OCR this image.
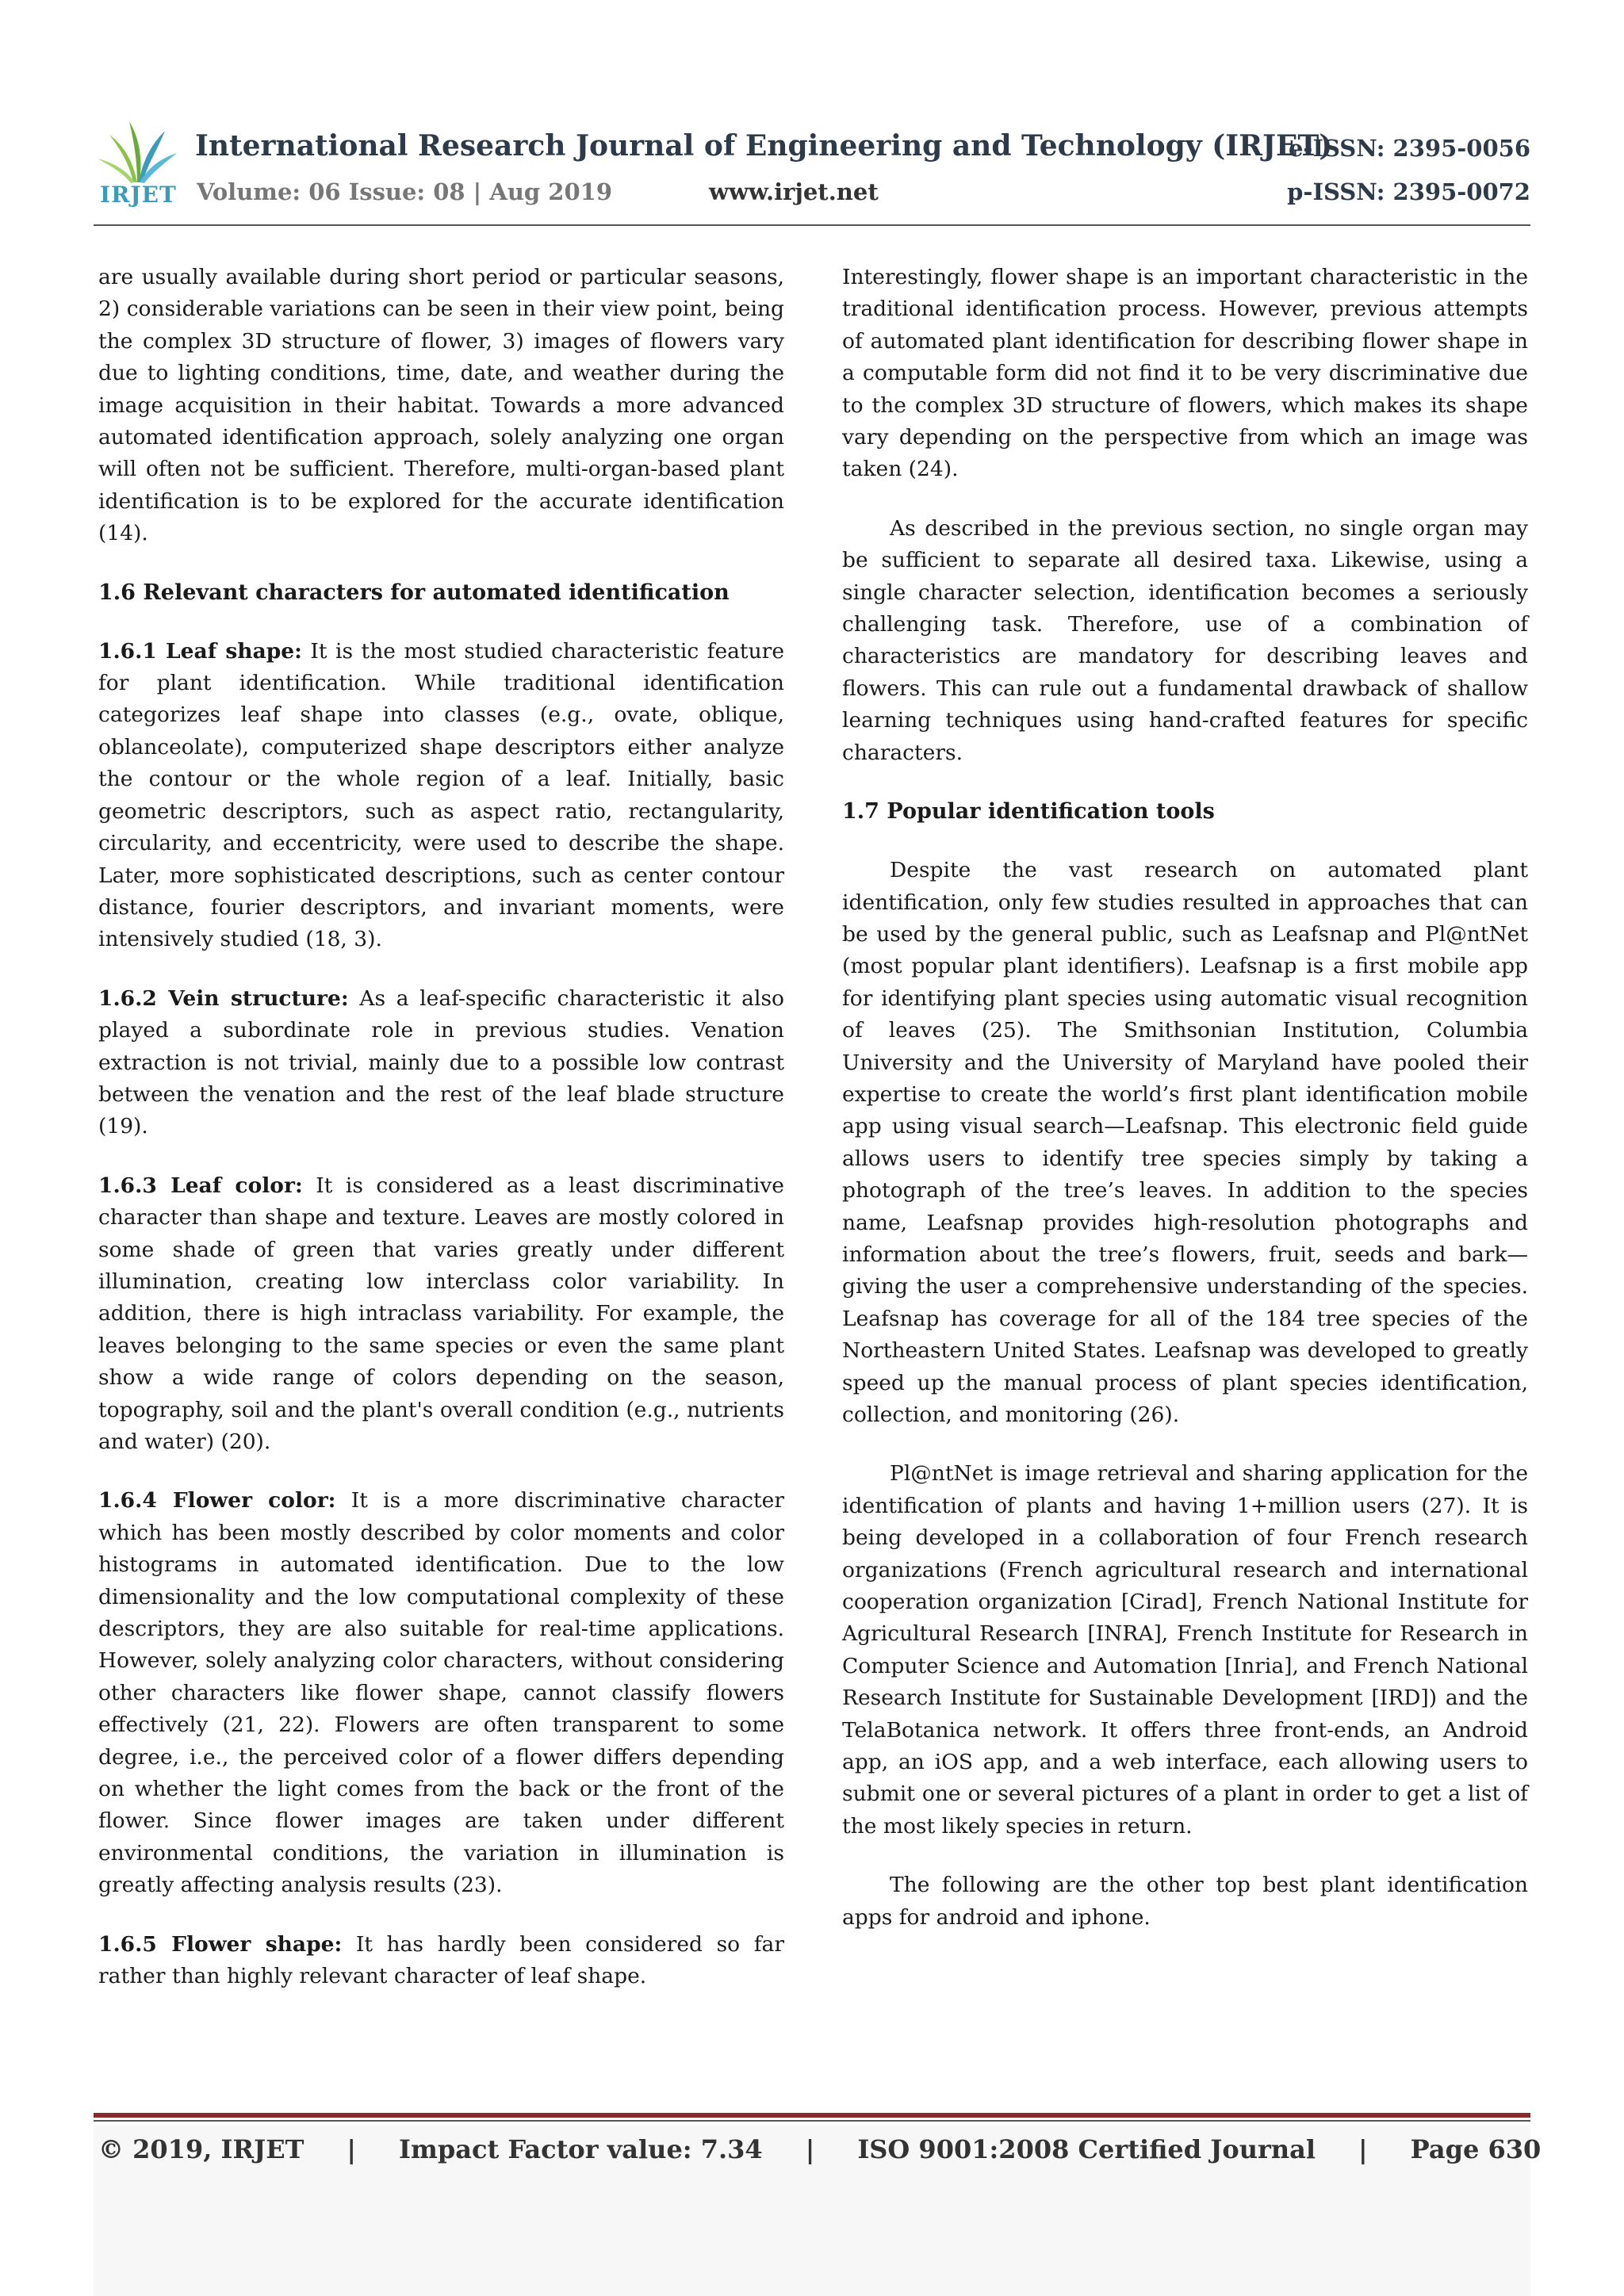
IRJET
International Research Journal of Engineering and Technology (IRJET)
Volume: 06 Issue: 08 | Aug 2019	www.irjet.net
e-ISSN: 2395-0056
p-ISSN: 2395-0072

are usually available during short period or particular seasons, 2) considerable variations can be seen in their view point, being the complex 3D structure of flower, 3) images of flowers vary due to lighting conditions, time, date, and weather during the image acquisition in their habitat. Towards a more advanced automated identification approach, solely analyzing one organ will often not be sufficient. Therefore, multi-organ-based plant identification is to be explored for the accurate identification (14).

1.6 Relevant characters for automated identification

1.6.1 Leaf shape: It is the most studied characteristic feature for plant identification. While traditional identification categorizes leaf shape into classes (e.g., ovate, oblique, oblanceolate), computerized shape descriptors either analyze the contour or the whole region of a leaf. Initially, basic geometric descriptors, such as aspect ratio, rectangularity, circularity, and eccentricity, were used to describe the shape. Later, more sophisticated descriptions, such as center contour distance, fourier descriptors, and invariant moments, were intensively studied (18, 3).

1.6.2 Vein structure: As a leaf-specific characteristic it also played a subordinate role in previous studies. Venation extraction is not trivial, mainly due to a possible low contrast between the venation and the rest of the leaf blade structure (19).

1.6.3 Leaf color: It is considered as a least discriminative character than shape and texture. Leaves are mostly colored in some shade of green that varies greatly under different illumination, creating low interclass color variability. In addition, there is high intraclass variability. For example, the leaves belonging to the same species or even the same plant show a wide range of colors depending on the season, topography, soil and the plant's overall condition (e.g., nutrients and water) (20).

1.6.4 Flower color: It is a more discriminative character which has been mostly described by color moments and color histograms in automated identification. Due to the low dimensionality and the low computational complexity of these descriptors, they are also suitable for real-time applications. However, solely analyzing color characters, without considering other characters like flower shape, cannot classify flowers effectively (21, 22). Flowers are often transparent to some degree, i.e., the perceived color of a flower differs depending on whether the light comes from the back or the front of the flower. Since flower images are taken under different environmental conditions, the variation in illumination is greatly affecting analysis results (23).

1.6.5 Flower shape: It has hardly been considered so far rather than highly relevant character of leaf shape.

Interestingly, flower shape is an important characteristic in the traditional identification process. However, previous attempts of automated plant identification for describing flower shape in a computable form did not find it to be very discriminative due to the complex 3D structure of flowers, which makes its shape vary depending on the perspective from which an image was taken (24).

As described in the previous section, no single organ may be sufficient to separate all desired taxa. Likewise, using a single character selection, identification becomes a seriously challenging task. Therefore, use of a combination of characteristics are mandatory for describing leaves and flowers. This can rule out a fundamental drawback of shallow learning techniques using hand-crafted features for specific characters.

1.7 Popular identification tools

Despite the vast research on automated plant identification, only few studies resulted in approaches that can be used by the general public, such as Leafsnap and Pl@ntNet (most popular plant identifiers). Leafsnap is a first mobile app for identifying plant species using automatic visual recognition of leaves (25). The Smithsonian Institution, Columbia University and the University of Maryland have pooled their expertise to create the world’s first plant identification mobile app using visual search—Leafsnap. This electronic field guide allows users to identify tree species simply by taking a photograph of the tree’s leaves. In addition to the species name, Leafsnap provides high-resolution photographs and information about the tree’s flowers, fruit, seeds and bark—giving the user a comprehensive understanding of the species. Leafsnap has coverage for all of the 184 tree species of the Northeastern United States. Leafsnap was developed to greatly speed up the manual process of plant species identification, collection, and monitoring (26).

Pl@ntNet is image retrieval and sharing application for the identification of plants and having 1+million users (27). It is being developed in a collaboration of four French research organizations (French agricultural research and international cooperation organization [Cirad], French National Institute for Agricultural Research [INRA], French Institute for Research in Computer Science and Automation [Inria], and French National Research Institute for Sustainable Development [IRD]) and the TelaBotanica network. It offers three front-ends, an Android app, an iOS app, and a web interface, each allowing users to submit one or several pictures of a plant in order to get a list of the most likely species in return.

The following are the other top best plant identification apps for android and iphone.

© 2019, IRJET | Impact Factor value: 7.34 | ISO 9001:2008 Certified Journal | Page 630
